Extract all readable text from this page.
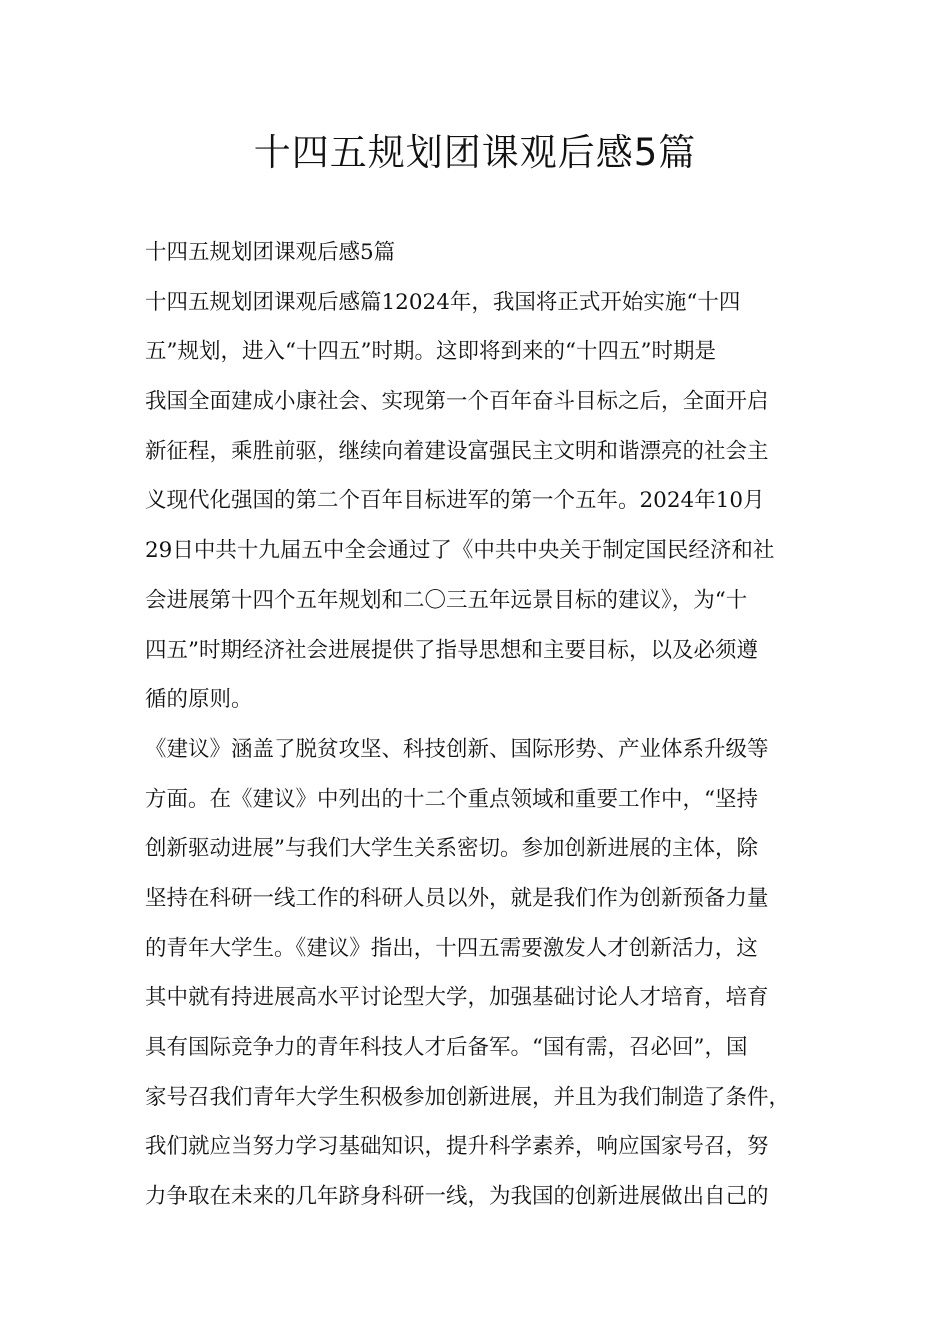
十四五规划团课观后感5篇
十四五规划团课观后感5篇
十四五规划团课观后感篇12024年，我国将正式开始实施“十四
五”规划，进入“十四五”时期。这即将到来的“十四五”时期是
我国全面建成小康社会、实现第一个百年奋斗目标之后，全面开启
新征程，乘胜前驱，继续向着建设富强民主文明和谐漂亮的社会主
义现代化强国的第二个百年目标进军的第一个五年。2024年10月
29日中共十九届五中全会通过了《中共中央关于制定国民经济和社
会进展第十四个五年规划和二〇三五年远景目标的建议》，为“十
四五”时期经济社会进展提供了指导思想和主要目标，以及必须遵
循的原则。
《建议》涵盖了脱贫攻坚、科技创新、国际形势、产业体系升级等
方面。在《建议》中列出的十二个重点领域和重要工作中，“坚持
创新驱动进展”与我们大学生关系密切。参加创新进展的主体，除
坚持在科研一线工作的科研人员以外，就是我们作为创新预备力量
的青年大学生。《建议》指出，十四五需要激发人才创新活力，这
其中就有持进展高水平讨论型大学，加强基础讨论人才培育，培育
具有国际竞争力的青年科技人才后备军。“国有需，召必回”，国
家号召我们青年大学生积极参加创新进展，并且为我们制造了条件，
我们就应当努力学习基础知识，提升科学素养，响应国家号召，努
力争取在未来的几年跻身科研一线，为我国的创新进展做出自己的
